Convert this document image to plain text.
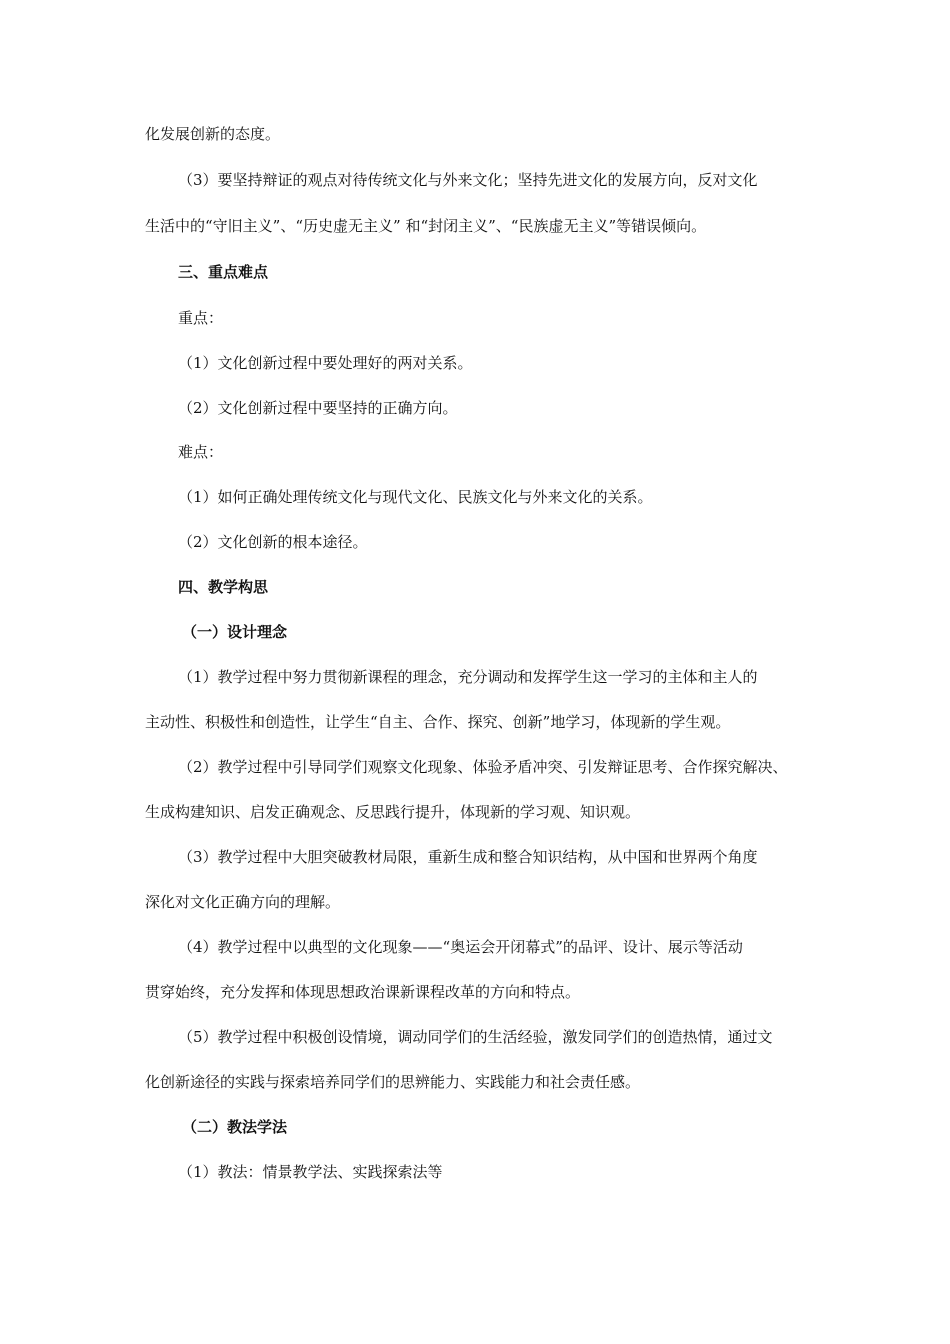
化发展创新的态度。
（3）要坚持辩证的观点对待传统文化与外来文化；坚持先进文化的发展方向，反对文化
生活中的“守旧主义”、“历史虚无主义” 和“封闭主义”、“民族虚无主义”等错误倾向。
三、重点难点
重点：
（1）文化创新过程中要处理好的两对关系。
（2）文化创新过程中要坚持的正确方向。
难点：
（1）如何正确处理传统文化与现代文化、民族文化与外来文化的关系。
（2）文化创新的根本途径。
四、教学构思
（一）设计理念
（1）教学过程中努力贯彻新课程的理念，充分调动和发挥学生这一学习的主体和主人的
主动性、积极性和创造性，让学生“自主、合作、探究、创新”地学习，体现新的学生观。
（2）教学过程中引导同学们观察文化现象、体验矛盾冲突、引发辩证思考、合作探究解决、
生成构建知识、启发正确观念、反思践行提升，体现新的学习观、知识观。
（3）教学过程中大胆突破教材局限，重新生成和整合知识结构，从中国和世界两个角度
深化对文化正确方向的理解。
（4）教学过程中以典型的文化现象——“奥运会开闭幕式”的品评、设计、展示等活动
贯穿始终，充分发挥和体现思想政治课新课程改革的方向和特点。
（5）教学过程中积极创设情境，调动同学们的生活经验，激发同学们的创造热情，通过文
化创新途径的实践与探索培养同学们的思辨能力、实践能力和社会责任感。
（二）教法学法
（1）教法：情景教学法、实践探索法等
